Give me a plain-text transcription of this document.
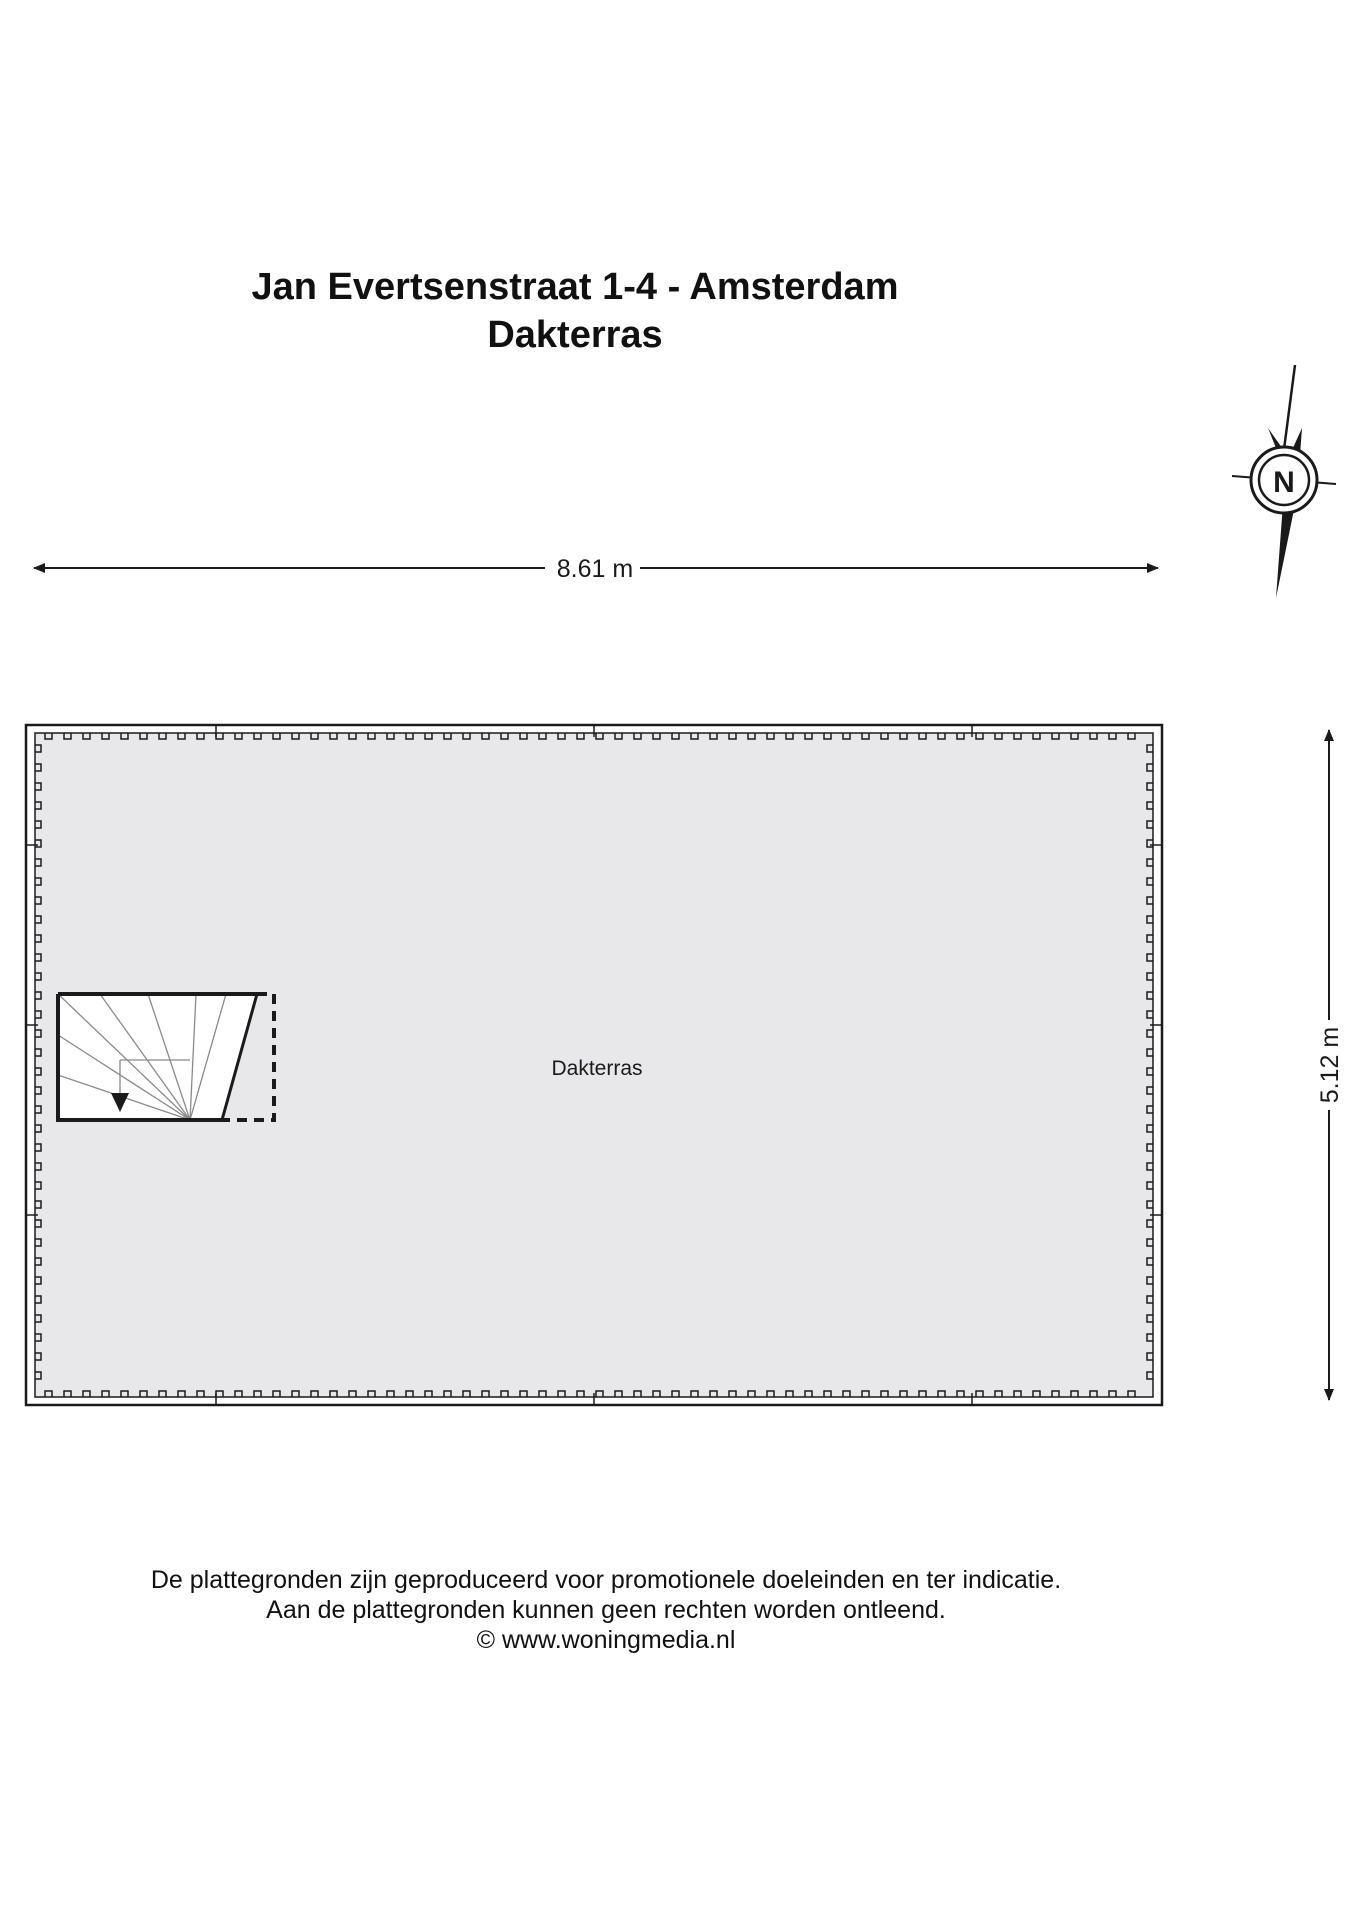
Jan Evertsenstraat 1-4 - Amsterdam
Dakterras
8.61 m
5.12 m
N
Dakterras
De plattegronden zijn geproduceerd voor promotionele doeleinden en ter indicatie.
Aan de plattegronden kunnen geen rechten worden ontleend.
© www.woningmedia.nl
